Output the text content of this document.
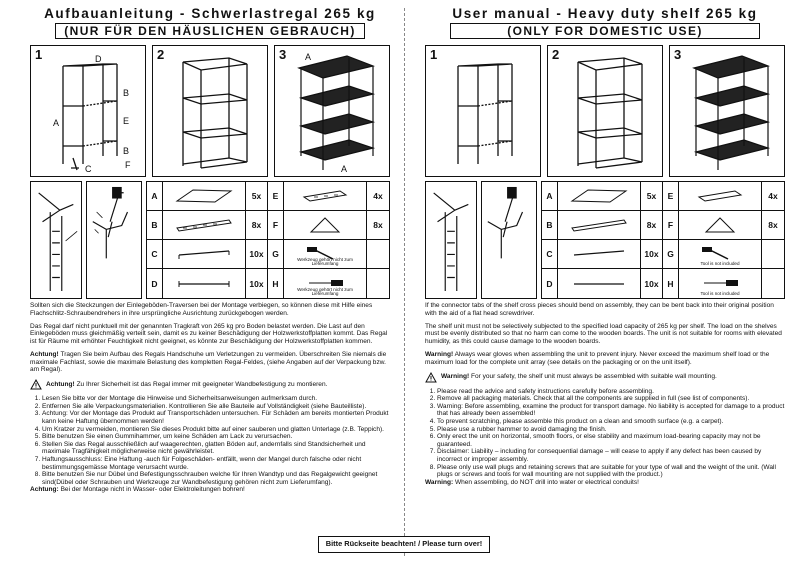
Aufbauanleitung - Schwerlastregal 265 kg
(NUR FÜR DEN HÄUSLICHEN GEBRAUCH)
1	D
B
E
B
A
F
C
2	3 A
A
A	5x	E	4x
B	8x	F	8x
C	10x	G
Werkzeug gehört nicht zum Lieferumfang
D	10x	H
Werkzeug gehört nicht zum Lieferumfang

Sollten sich die Steckzungen der Einlegeböden-Traversen bei der Montage verbiegen, so können diese mit Hilfe eines Flachschlitz-Schraubendrehers in ihre ursprüngliche Ausrichtung zurückgebogen werden.

Das Regal darf nicht punktuell mit der genannten Tragkraft von 265 kg pro Boden belastet werden. Die Last auf den Einlegeböden muss gleichmäßig verteilt sein, damit es zu keiner Beschädigung der Holzwerkstoffplatten kommt. Das Regal ist für Räume mit erhöhter Feuchtigkeit nicht geeignet, es könnte zur Beschädigung der Holzwerkstoffplatten kommen.

Achtung! Tragen Sie beim Aufbau des Regals Handschuhe um Verletzungen zu vermeiden. Überschreiten Sie niemals die maximale Fachlast, sowie die maximale Belastung des kompletten Regal-Feldes, (siehe Angaben auf der Verpackung bzw. am Regal).

Achtung! Zu Ihrer Sicherheit ist das Regal immer mit geeigneter Wandbefestigung zu montieren.
1. Lesen Sie bitte vor der Montage die Hinweise und Sicherheitsanweisungen aufmerksam durch.
2. Entfernen Sie alle Verpackungsmaterialien. Kontrollieren Sie alle Bauteile auf Vollständigkeit (siehe Bauteilliste).
3. Achtung: Vor der Montage das Produkt auf Transportschäden untersuchen. Für Schäden am bereits montierten Produkt kann keine Haftung übernommen werden!
4. Um Kratzer zu vermeiden, montieren Sie dieses Produkt bitte auf einer sauberen und glatten Unterlage (z.B. Teppich).
5. Bitte benutzen Sie einen Gummihammer, um keine Schäden am Lack zu verursachen.
6. Stellen Sie das Regal ausschließlich auf waagerechten, glatten Böden auf, andernfalls sind Standsicherheit und maximale Tragfähigkeit möglicherweise nicht gewährleistet.
7. Haftungsausschluss: Eine Haftung -auch für Folgeschäden- entfällt, wenn der Mangel durch falsche oder nicht bestimmungsgemässe Montage verursacht wurde.
8. Bitte benutzen Sie nur Dübel und Befestigungsschrauben welche für Ihren Wandtyp und das Regalgewicht geeignet sind(Dübel oder Schrauben und Werkzeuge zur Wandbefestigung gehören nicht zum Lieferumfang).
Achtung: Bei der Montage nicht in Wasser- oder Elektroleitungen bohren!
User manual - Heavy duty shelf 265 kg
(ONLY FOR DOMESTIC USE)
1	2	3
A	5x	E	4x
B	8x	F	8x
C	10x	G
Tool is not included
D	10x	H
Tool is not included

If the connector tabs of the shelf cross pieces should bend on assembly, they can be bent back into their original position with the aid of a flat head screwdriver.

The shelf unit must not be selectively subjected to the specified load capacity of 265 kg per shelf. The load on the shelves must be evenly distributed so that no harm can come to the wooden boards. The unit is not suitable for rooms with elevated humidity, as this could cause damage to the wooden boards.

Warning! Always wear gloves when assembling the unit to prevent injury. Never exceed the maximum shelf load or the maximum load for the complete unit array (see details on the packaging or on the unit itself).

Warning! For your safety, the shelf unit must always be assembled with suitable wall mounting.
1. Please read the advice and safety instructions carefully before assembling.
2. Remove all packaging materials. Check that all the components are supplied in full (see list of components).
3. Warning: Before assembling, examine the product for transport damage. No liability is accepted for damage to a product that has already been assembled!
4. To prevent scratching, please assemble this product on a clean and smooth surface (e.g. a carpet).
5. Please use a rubber hammer to avoid damaging the finish.
6. Only erect the unit on horizontal, smooth floors, or else stability and maximum load-bearing capacity may not be guaranteed.
7. Disclaimer: Liability – including for consequential damage – will cease to apply if any defect has been caused by incorrect or improper assembly.
8. Please only use wall plugs and retaining screws that are suitable for your type of wall and the weight of the unit. (Wall plugs or screws and tools for wall mounting are not supplied with the product.)
Warning: When assembling, do NOT drill into water or electrical conduits!
Bitte Rückseite beachten! / Please turn over!
